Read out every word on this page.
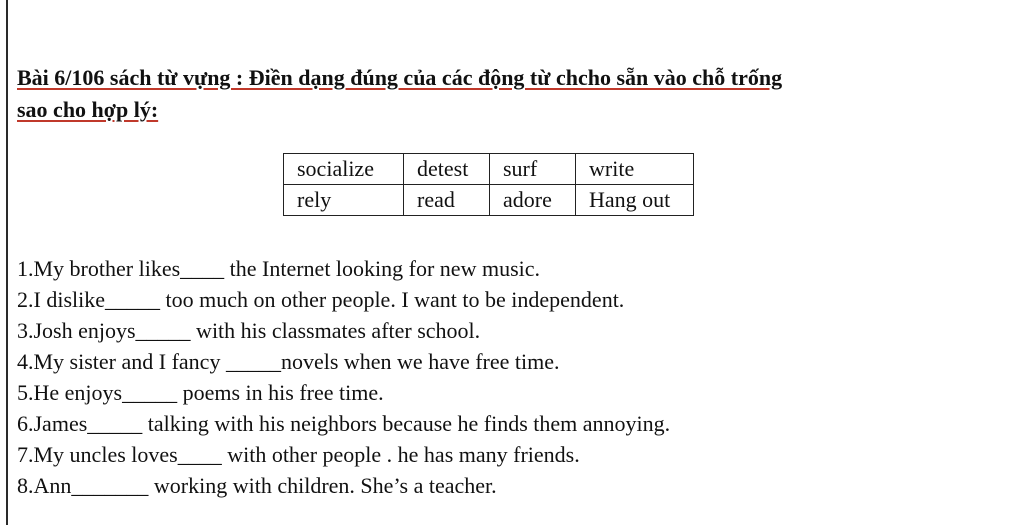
Bài 6/106 sách từ vựng : Điền dạng đúng của các động từ chcho sẵn vào chỗ trống
sao cho hợp lý:
socialize	detest	surf	write
rely	read	adore	Hang out
1.My brother likes____ the Internet looking for new music.
2.I dislike_____ too much on other people. I want to be independent.
3.Josh enjoys_____ with his classmates after school.
4.My sister and I fancy _____novels when we have free time.
5.He enjoys_____ poems in his free time.
6.James_____ talking with his neighbors because he finds them annoying.
7.My uncles loves____ with other people . he has many friends.
8.Ann_______ working with children. She’s a teacher.
